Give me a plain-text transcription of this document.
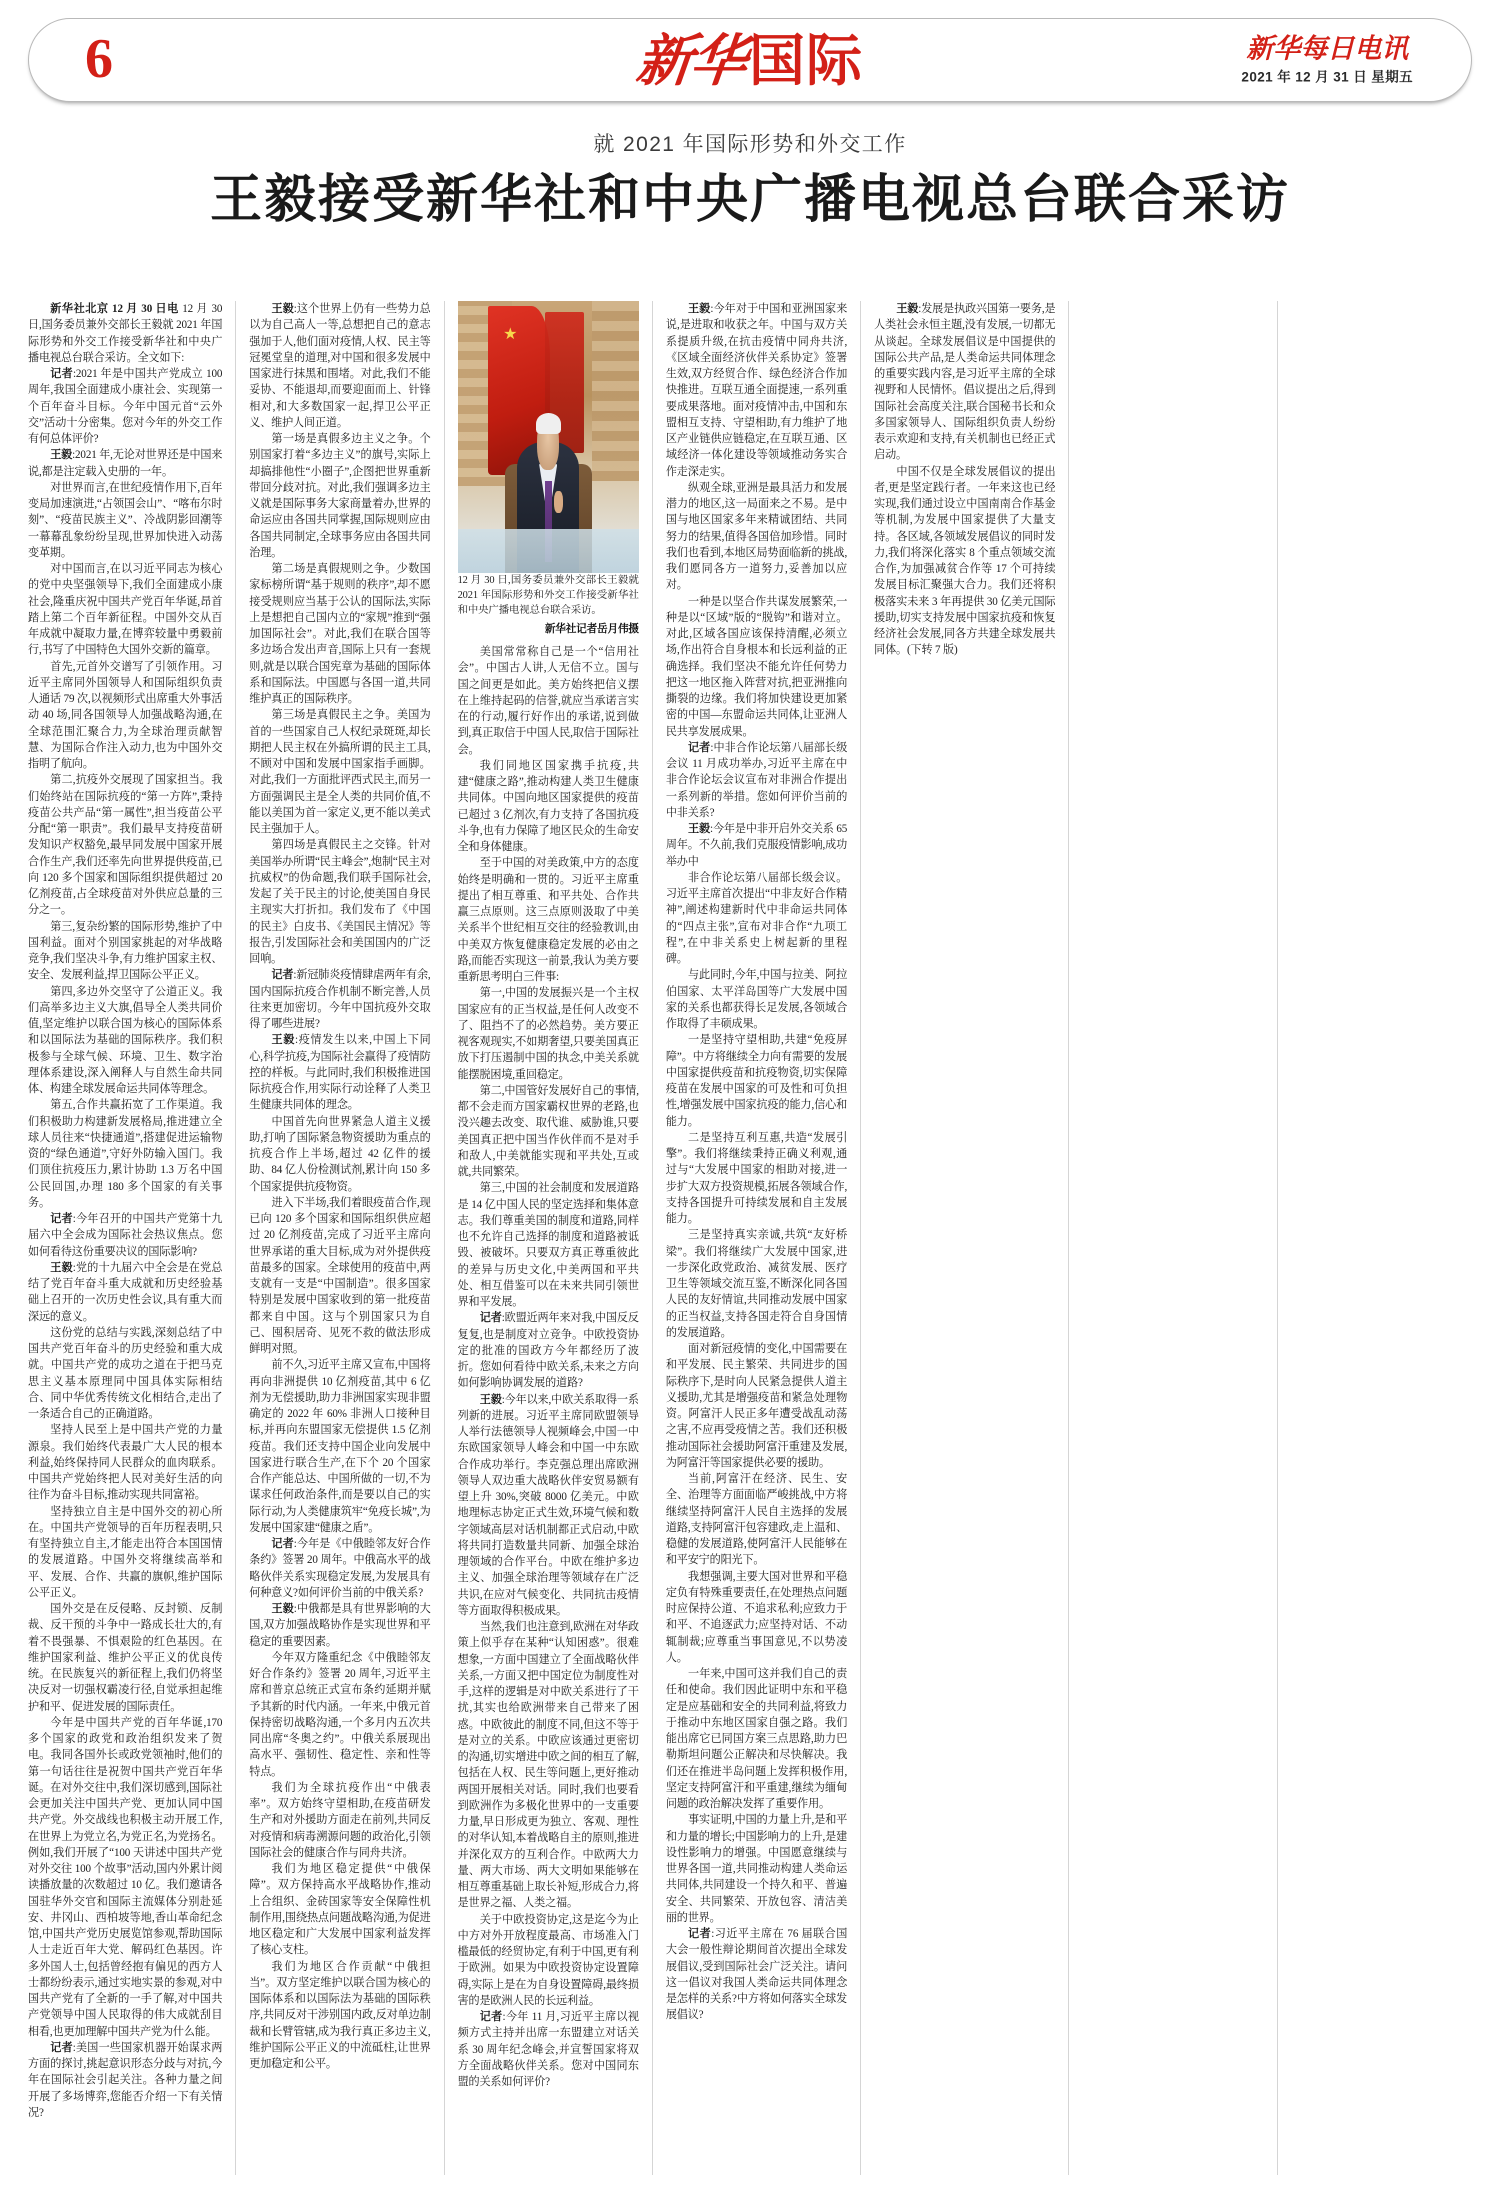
6	新华 国际	新华每日电讯
2021 年 12 月 31 日 星期五
就 2021 年国际形势和外交工作
王毅接受新华社和中央广播电视总台联合采访

新华社北京 12 月 30 日电 12 月 30 日,国务委员兼外交部长王毅就 2021 年国际形势和外交工作接受新华社和中央广播电视总台联合采访。全文如下:

记者:2021 年是中国共产党成立 100 周年,我国全面建成小康社会、实现第一个百年奋斗目标。今年中国元首“云外交”活动十分密集。您对今年的外交工作有何总体评价?

王毅:2021 年,无论对世界还是中国来说,都是注定载入史册的一年。

对世界而言,在世纪疫情作用下,百年变局加速演进,“占领国会山”、“喀布尔时刻”、“疫苗民族主义”、冷战阴影回潮等一幕幕乱象纷纷呈现,世界加快进入动荡变革期。

对中国而言,在以习近平同志为核心的党中央坚强领导下,我们全面建成小康社会,隆重庆祝中国共产党百年华诞,昂首踏上第二个百年新征程。中国外交从百年成就中凝取力量,在博弈较量中勇毅前行,书写了中国特色大国外交新的篇章。

首先,元首外交谱写了引领作用。习近平主席同外国领导人和国际组织负责人通话 79 次,以视频形式出席重大外事活动 40 场,同各国领导人加强战略沟通,在全球范围汇聚合力,为全球治理贡献智慧、为国际合作注入动力,也为中国外交指明了航向。

第二,抗疫外交展现了国家担当。我们始终站在国际抗疫的“第一方阵”,秉持疫苗公共产品“第一属性”,担当疫苗公平分配“第一职责”。我们最早支持疫苗研发知识产权豁免,最早同发展中国家开展合作生产,我们还率先向世界提供疫苗,已向 120 多个国家和国际组织提供超过 20 亿剂疫苗,占全球疫苗对外供应总量的三分之一。

第三,复杂纷繁的国际形势,维护了中国利益。面对个别国家挑起的对华战略竞争,我们坚决斗争,有力维护国家主权、安全、发展利益,捍卫国际公平正义。

第四,多边外交坚守了公道正义。我们高举多边主义大旗,倡导全人类共同价值,坚定维护以联合国为核心的国际体系和以国际法为基础的国际秩序。我们积极参与全球气候、环境、卫生、数字治理体系建设,深入阐释人与自然生命共同体、构建全球发展命运共同体等理念。

第五,合作共赢拓宽了工作渠道。我们积极助力构建新发展格局,推进建立全球人员往来“快捷通道”,搭建促进运输物资的“绿色通道”,守好外防输入国门。我们顶住抗疫压力,累计协助 1.3 万名中国公民回国,办理 180 多个国家的有关事务。

记者:今年召开的中国共产党第十九届六中全会成为国际社会热议焦点。您如何看待这份重要决议的国际影响?

王毅:党的十九届六中全会是在党总结了党百年奋斗重大成就和历史经验基础上召开的一次历史性会议,具有重大而深远的意义。

这份党的总结与实践,深刻总结了中国共产党百年奋斗的历史经验和重大成就。中国共产党的成功之道在于把马克思主义基本原理同中国具体实际相结合、同中华优秀传统文化相结合,走出了一条适合自己的正确道路。

坚持人民至上是中国共产党的力量源泉。我们始终代表最广大人民的根本利益,始终保持同人民群众的血肉联系。中国共产党始终把人民对美好生活的向往作为奋斗目标,推动实现共同富裕。

坚持独立自主是中国外交的初心所在。中国共产党领导的百年历程表明,只有坚持独立自主,才能走出符合本国国情的发展道路。中国外交将继续高举和平、发展、合作、共赢的旗帜,维护国际公平正义。

国外交是在反侵略、反封锁、反制裁、反干预的斗争中一路成长壮大的,有着不畏强暴、不惧艰险的红色基因。在维护国家利益、维护公平正义的优良传统。在民族复兴的新征程上,我们仍将坚决反对一切强权霸凌行径,自觉承担起维护和平、促进发展的国际责任。

今年是中国共产党的百年华诞,170 多个国家的政党和政治组织发来了贺电。我同各国外长或政党领袖时,他们的第一句话往往是祝贺中国共产党百年华诞。在对外交往中,我们深切感到,国际社会更加关注中国共产党、更加认同中国共产党。外交战线也积极主动开展工作,在世界上为党立名,为党正名,为党扬名。例如,我们开展了“100 天讲述中国共产党对外交往 100 个故事”活动,国内外累计阅读播放量的次数超过 10 亿。我们邀请各国驻华外交官和国际主流媒体分别赴延安、井冈山、西柏坡等地,香山革命纪念馆,中国共产党历史展览馆参观,帮助国际人士走近百年大党、解码红色基因。许多外国人士,包括曾经抱有偏见的西方人士都纷纷表示,通过实地实景的参观,对中国共产党有了全新的一手了解,对中国共产党领导中国人民取得的伟大成就刮目相看,也更加理解中国共产党为什么能。

记者:美国一些国家机器开始谋求两方面的探讨,挑起意识形态分歧与对抗,今年在国际社会引起关注。各种力量之间开展了多场博弈,您能否介绍一下有关情况?

王毅:这个世界上仍有一些势力总以为自己高人一等,总想把自己的意志强加于人,他们面对疫情,人权、民主等冠冕堂皇的道理,对中国和很多发展中国家进行抹黑和围堵。对此,我们不能妥协、不能退却,而要迎面而上、针锋相对,和大多数国家一起,捍卫公平正义、维护人间正道。

第一场是真假多边主义之争。个别国家打着“多边主义”的旗号,实际上却搞排他性“小圈子”,企图把世界重新带回分歧对抗。对此,我们强调多边主义就是国际事务大家商量着办,世界的命运应由各国共同掌握,国际规则应由各国共同制定,全球事务应由各国共同治理。

第二场是真假规则之争。少数国家标榜所谓“基于规则的秩序”,却不愿接受规则应当基于公认的国际法,实际上是想把自己国内立的“家规”推到“强加国际社会”。对此,我们在联合国等多边场合发出声音,国际上只有一套规则,就是以联合国宪章为基础的国际体系和国际法。中国愿与各国一道,共同维护真正的国际秩序。

第三场是真假民主之争。美国为首的一些国家自己人权纪录斑斑,却长期把人民主权在外搞所谓的民主工具,不顾对中国和发展中国家指手画脚。对此,我们一方面批评西式民主,而另一方面强调民主是全人类的共同价值,不能以美国为首一家定义,更不能以美式民主强加于人。

第四场是真假民主之交锋。针对美国举办所谓“民主峰会”,炮制“民主对抗威权”的伪命题,我们联手国际社会,发起了关于民主的讨论,使美国自身民主现实大打折扣。我们发布了《中国的民主》白皮书、《美国民主情况》等报告,引发国际社会和美国国内的广泛回响。

记者:新冠肺炎疫情肆虐两年有余,国内国际抗疫合作机制不断完善,人员往来更加密切。今年中国抗疫外交取得了哪些进展?

王毅:疫情发生以来,中国上下同心,科学抗疫,为国际社会赢得了疫情防控的样板。与此同时,我们积极推进国际抗疫合作,用实际行动诠释了人类卫生健康共同体的理念。

中国首先向世界紧急人道主义援助,打响了国际紧急物资援助为重点的抗疫合作上半场,超过 42 亿件的援助、84 亿人份检测试剂,累计向 150 多个国家提供抗疫物资。

进入下半场,我们着眼疫苗合作,现已向 120 多个国家和国际组织供应超过 20 亿剂疫苗,完成了习近平主席向世界承诺的重大目标,成为对外提供疫苗最多的国家。全球使用的疫苗中,两支就有一支是“中国制造”。很多国家特别是发展中国家收到的第一批疫苗都来自中国。这与个别国家只为自己、囤积居奇、见死不救的做法形成鲜明对照。

前不久,习近平主席又宣布,中国将再向非洲提供 10 亿剂疫苗,其中 6 亿剂为无偿援助,助力非洲国家实现非盟确定的 2022 年 60% 非洲人口接种目标,并再向东盟国家无偿提供 1.5 亿剂疫苗。我们还支持中国企业向发展中国家进行联合生产,在下个 20 个国家合作产能总达、中国所做的一切,不为谋求任何政治条件,而是要以自己的实际行动,为人类健康筑牢“免疫长城”,为发展中国家建“健康之盾”。

记者:今年是《中俄睦邻友好合作条约》签署 20 周年。中俄高水平的战略伙伴关系实现稳定发展,为发展具有何种意义?如何评价当前的中俄关系?

王毅:中俄都是具有世界影响的大国,双方加强战略协作是实现世界和平稳定的重要因素。

今年双方隆重纪念《中俄睦邻友好合作条约》签署 20 周年,习近平主席和普京总统正式宣布条约延期并赋予其新的时代内涵。一年来,中俄元首保持密切战略沟通,一个多月内五次共同出席“冬奥之约”。中俄关系展现出高水平、强韧性、稳定性、亲和性等特点。

我们为全球抗疫作出“中俄表率”。双方始终守望相助,在疫苗研发生产和对外援助方面走在前列,共同反对疫情和病毒溯源问题的政治化,引领国际社会的健康合作与同舟共济。

我们为地区稳定提供“中俄保障”。双方保持高水平战略协作,推动上合组织、金砖国家等安全保障性机制作用,围绕热点问题战略沟通,为促进地区稳定和广大发展中国家利益发挥了核心支柱。

我们为地区合作贡献“中俄担当”。双方坚定维护以联合国为核心的国际体系和以国际法为基础的国际秩序,共同反对干涉别国内政,反对单边制裁和长臂管辖,成为我行真正多边主义,维护国际公平正义的中流砥柱,让世界更加稳定和公平。

★
12 月 30 日,国务委员兼外交部长王毅就 2021 年国际形势和外交工作接受新华社和中央广播电视总台联合采访。
新华社记者岳月伟摄

美国常常称自己是一个“信用社会”。中国古人讲,人无信不立。国与国之间更是如此。美方始终把信义摆在上维持起码的信誉,就应当承诺言实在的行动,履行好作出的承诺,说到做到,真正取信于中国人民,取信于国际社会。

我们同地区国家携手抗疫,共建“健康之路”,推动构建人类卫生健康共同体。中国向地区国家提供的疫苗已超过 3 亿剂次,有力支持了各国抗疫斗争,也有力保障了地区民众的生命安全和身体健康。

至于中国的对美政策,中方的态度始终是明确和一贯的。习近平主席重提出了相互尊重、和平共处、合作共赢三点原则。这三点原则汲取了中美关系半个世纪相互交往的经验教训,由中美双方恢复健康稳定发展的必由之路,而能否实现这一前景,我认为美方要重新思考明白三件事:

第一,中国的发展振兴是一个主权国家应有的正当权益,是任何人改变不了、阻挡不了的必然趋势。美方要正视客观现实,不如期奢望,只要美国真正放下打压遏制中国的执念,中美关系就能摆脱困境,重回稳定。

第二,中国管好发展好自己的事情,都不会走而方国家霸权世界的老路,也没兴趣去改变、取代谁、威胁谁,只要美国真正把中国当作伙伴而不是对手和敌人,中美就能实现和平共处,互或就,共同繁荣。

第三,中国的社会制度和发展道路是 14 亿中国人民的坚定选择和集体意志。我们尊重美国的制度和道路,同样也不允许自己选择的制度和道路被诋毁、被破坏。只要双方真正尊重彼此的差异与历史文化,中美两国和平共处、相互借鉴可以在未来共同引领世界和平发展。

记者:欧盟近两年来对我,中国反反复复,也是制度对立竞争。中欧投资协定的批准的国政方今年都经历了波折。您如何看待中欧关系,未来之方向如何影响协调发展的道路?

王毅:今年以来,中欧关系取得一系列新的进展。习近平主席同欧盟领导人举行法德领导人视频峰会,中国一中东欧国家领导人峰会和中国一中东欧合作成功举行。李克强总理出席欧洲领导人双边重大战略伙伴安贸易额有望上升 30%,突破 8000 亿美元。中欧地理标志协定正式生效,环境气候和数字领域高层对话机制都正式启动,中欧将共同打造数量共同新、加强全球治理领域的合作平台。中欧在维护多边主义、加强全球治理等领域存在广泛共识,在应对气候变化、共同抗击疫情等方面取得积极成果。

当然,我们也注意到,欧洲在对华政策上似乎存在某种“认知困惑”。很难想象,一方面中国建立了全面战略伙伴关系,一方面又把中国定位为制度性对手,这样的逻辑是对中欧关系进行了干扰,其实也给欧洲带来自己带来了困惑。中欧彼此的制度不同,但这不等于是对立的关系。中欧应该通过更密切的沟通,切实增进中欧之间的相互了解,包括在人权、民生等问题上,更好推动两国开展相关对话。同时,我们也要看到欧洲作为多极化世界中的一支重要力量,早日形成更为独立、客观、理性的对华认知,本着战略自主的原则,推进并深化双方的互利合作。中欧两大力量、两大市场、两大文明如果能够在相互尊重基础上取长补短,形成合力,将是世界之福、人类之福。

关于中欧投资协定,这是迄今为止中方对外开放程度最高、市场准入门槛最低的经贸协定,有利于中国,更有利于欧洲。如果为中欧投资协定设置障碍,实际上是在为自身设置障碍,最终损害的是欧洲人民的长远利益。

记者:今年 11 月,习近平主席以视频方式主持并出席一东盟建立对话关系 30 周年纪念峰会,并宣誓国家将双方全面战略伙伴关系。您对中国同东盟的关系如何评价?

王毅:今年对于中国和亚洲国家来说,是进取和收获之年。中国与双方关系提质升级,在抗击疫情中同舟共济,《区域全面经济伙伴关系协定》签署生效,双方经贸合作、绿色经济合作加快推进。互联互通全面提速,一系列重要成果落地。面对疫情冲击,中国和东盟相互支持、守望相助,有力维护了地区产业链供应链稳定,在互联互通、区域经济一体化建设等领域推动务实合作走深走实。

纵观全球,亚洲是最具活力和发展潜力的地区,这一局面来之不易。是中国与地区国家多年来精诚团结、共同努力的结果,值得各国倍加珍惜。同时我们也看到,本地区局势面临新的挑战,我们愿同各方一道努力,妥善加以应对。

一种是以坚合作共谋发展繁荣,一种是以“区域”版的“脱钩”和谐对立。对此,区域各国应该保持清醒,必须立场,作出符合自身根本和长远利益的正确选择。我们坚决不能允许任何势力把这一地区拖入阵营对抗,把亚洲推向撕裂的边缘。我们将加快建设更加紧密的中国—东盟命运共同体,让亚洲人民共享发展成果。

记者:中非合作论坛第八届部长级会议 11 月成功举办,习近平主席在中非合作论坛会议宣布对非洲合作提出一系列新的举措。您如何评价当前的中非关系?

王毅:今年是中非开启外交关系 65 周年。不久前,我们克服疫情影响,成功举办中

非合作论坛第八届部长级会议。习近平主席首次提出“中非友好合作精神”,阐述构建新时代中非命运共同体的“四点主张”,宣布对非合作“九项工程”,在中非关系史上树起新的里程碑。

与此同时,今年,中国与拉美、阿拉伯国家、太平洋岛国等广大发展中国家的关系也都获得长足发展,各领域合作取得了丰硕成果。

一是坚持守望相助,共建“免疫屏障”。中方将继续全力向有需要的发展中国家提供疫苗和抗疫物资,切实保障疫苗在发展中国家的可及性和可负担性,增强发展中国家抗疫的能力,信心和能力。

二是坚持互利互惠,共造“发展引擎”。我们将继续秉持正确义利观,通过与“大发展中国家的相助对接,进一步扩大双方投资规模,拓展各领域合作,支持各国提升可持续发展和自主发展能力。

三是坚持真实亲诚,共筑“友好桥梁”。我们将继续广大发展中国家,进一步深化政党政治、减贫发展、医疗卫生等领域交流互鉴,不断深化同各国人民的友好情谊,共同推动发展中国家的正当权益,支持各国走符合自身国情的发展道路。

面对新冠疫情的变化,中国需要在和平发展、民主繁荣、共同进步的国际秩序下,是时向人民紧急提供人道主义援助,尤其是增强疫苗和紧急处理物资。阿富汗人民正多年遭受战乱动荡之害,不应再受疫情之苦。我们还积极推动国际社会援助阿富汗重建及发展,为阿富汗等国家提供必要的援助。

当前,阿富汗在经济、民生、安全、治理等方面面临严峻挑战,中方将继续坚持阿富汗人民自主选择的发展道路,支持阿富汗包容建政,走上温和、稳健的发展道路,使阿富汗人民能够在和平安宁的阳光下。

我想强调,主要大国对世界和平稳定负有特殊重要责任,在处理热点问题时应保持公道、不追求私利;应致力于和平、不追逐武力;应坚持对话、不动辄制裁;应尊重当事国意见,不以势凌人。

一年来,中国可这并我们自己的责任和使命。我们因此证明中东和平稳定是应基础和安全的共同利益,将致力于推动中东地区国家自强之路。我们能出席它已同国方案三点思路,助力巴勒斯坦问题公正解决和尽快解决。我们还在推进半岛问题上发挥积极作用,坚定支持阿富汗和平重建,继续为缅甸问题的政治解决发挥了重要作用。

事实证明,中国的力量上升,是和平和力量的增长;中国影响力的上升,是建设性影响力的增强。中国愿意继续与世界各国一道,共同推动构建人类命运共同体,共同建设一个持久和平、普遍安全、共同繁荣、开放包容、清洁美丽的世界。

记者:习近平主席在 76 届联合国大会一般性辩论期间首次提出全球发展倡议,受到国际社会广泛关注。请问这一倡议对我国人类命运共同体理念是怎样的关系?中方将如何落实全球发展倡议?

王毅:发展是执政兴国第一要务,是人类社会永恒主题,没有发展,一切都无从谈起。全球发展倡议是中国提供的国际公共产品,是人类命运共同体理念的重要实践内容,是习近平主席的全球视野和人民情怀。倡议提出之后,得到国际社会高度关注,联合国秘书长和众多国家领导人、国际组织负责人纷纷表示欢迎和支持,有关机制也已经正式启动。

中国不仅是全球发展倡议的提出者,更是坚定践行者。一年来这也已经实现,我们通过设立中国南南合作基金等机制,为发展中国家提供了大量支持。各区域,各领域发展倡议的同时发力,我们将深化落实 8 个重点领域交流合作,为加强减贫合作等 17 个可持续发展目标汇聚强大合力。我们还将积极落实未来 3 年再提供 30 亿美元国际援助,切实支持发展中国家抗疫和恢复经济社会发展,同各方共建全球发展共同体。(下转 7 版)
